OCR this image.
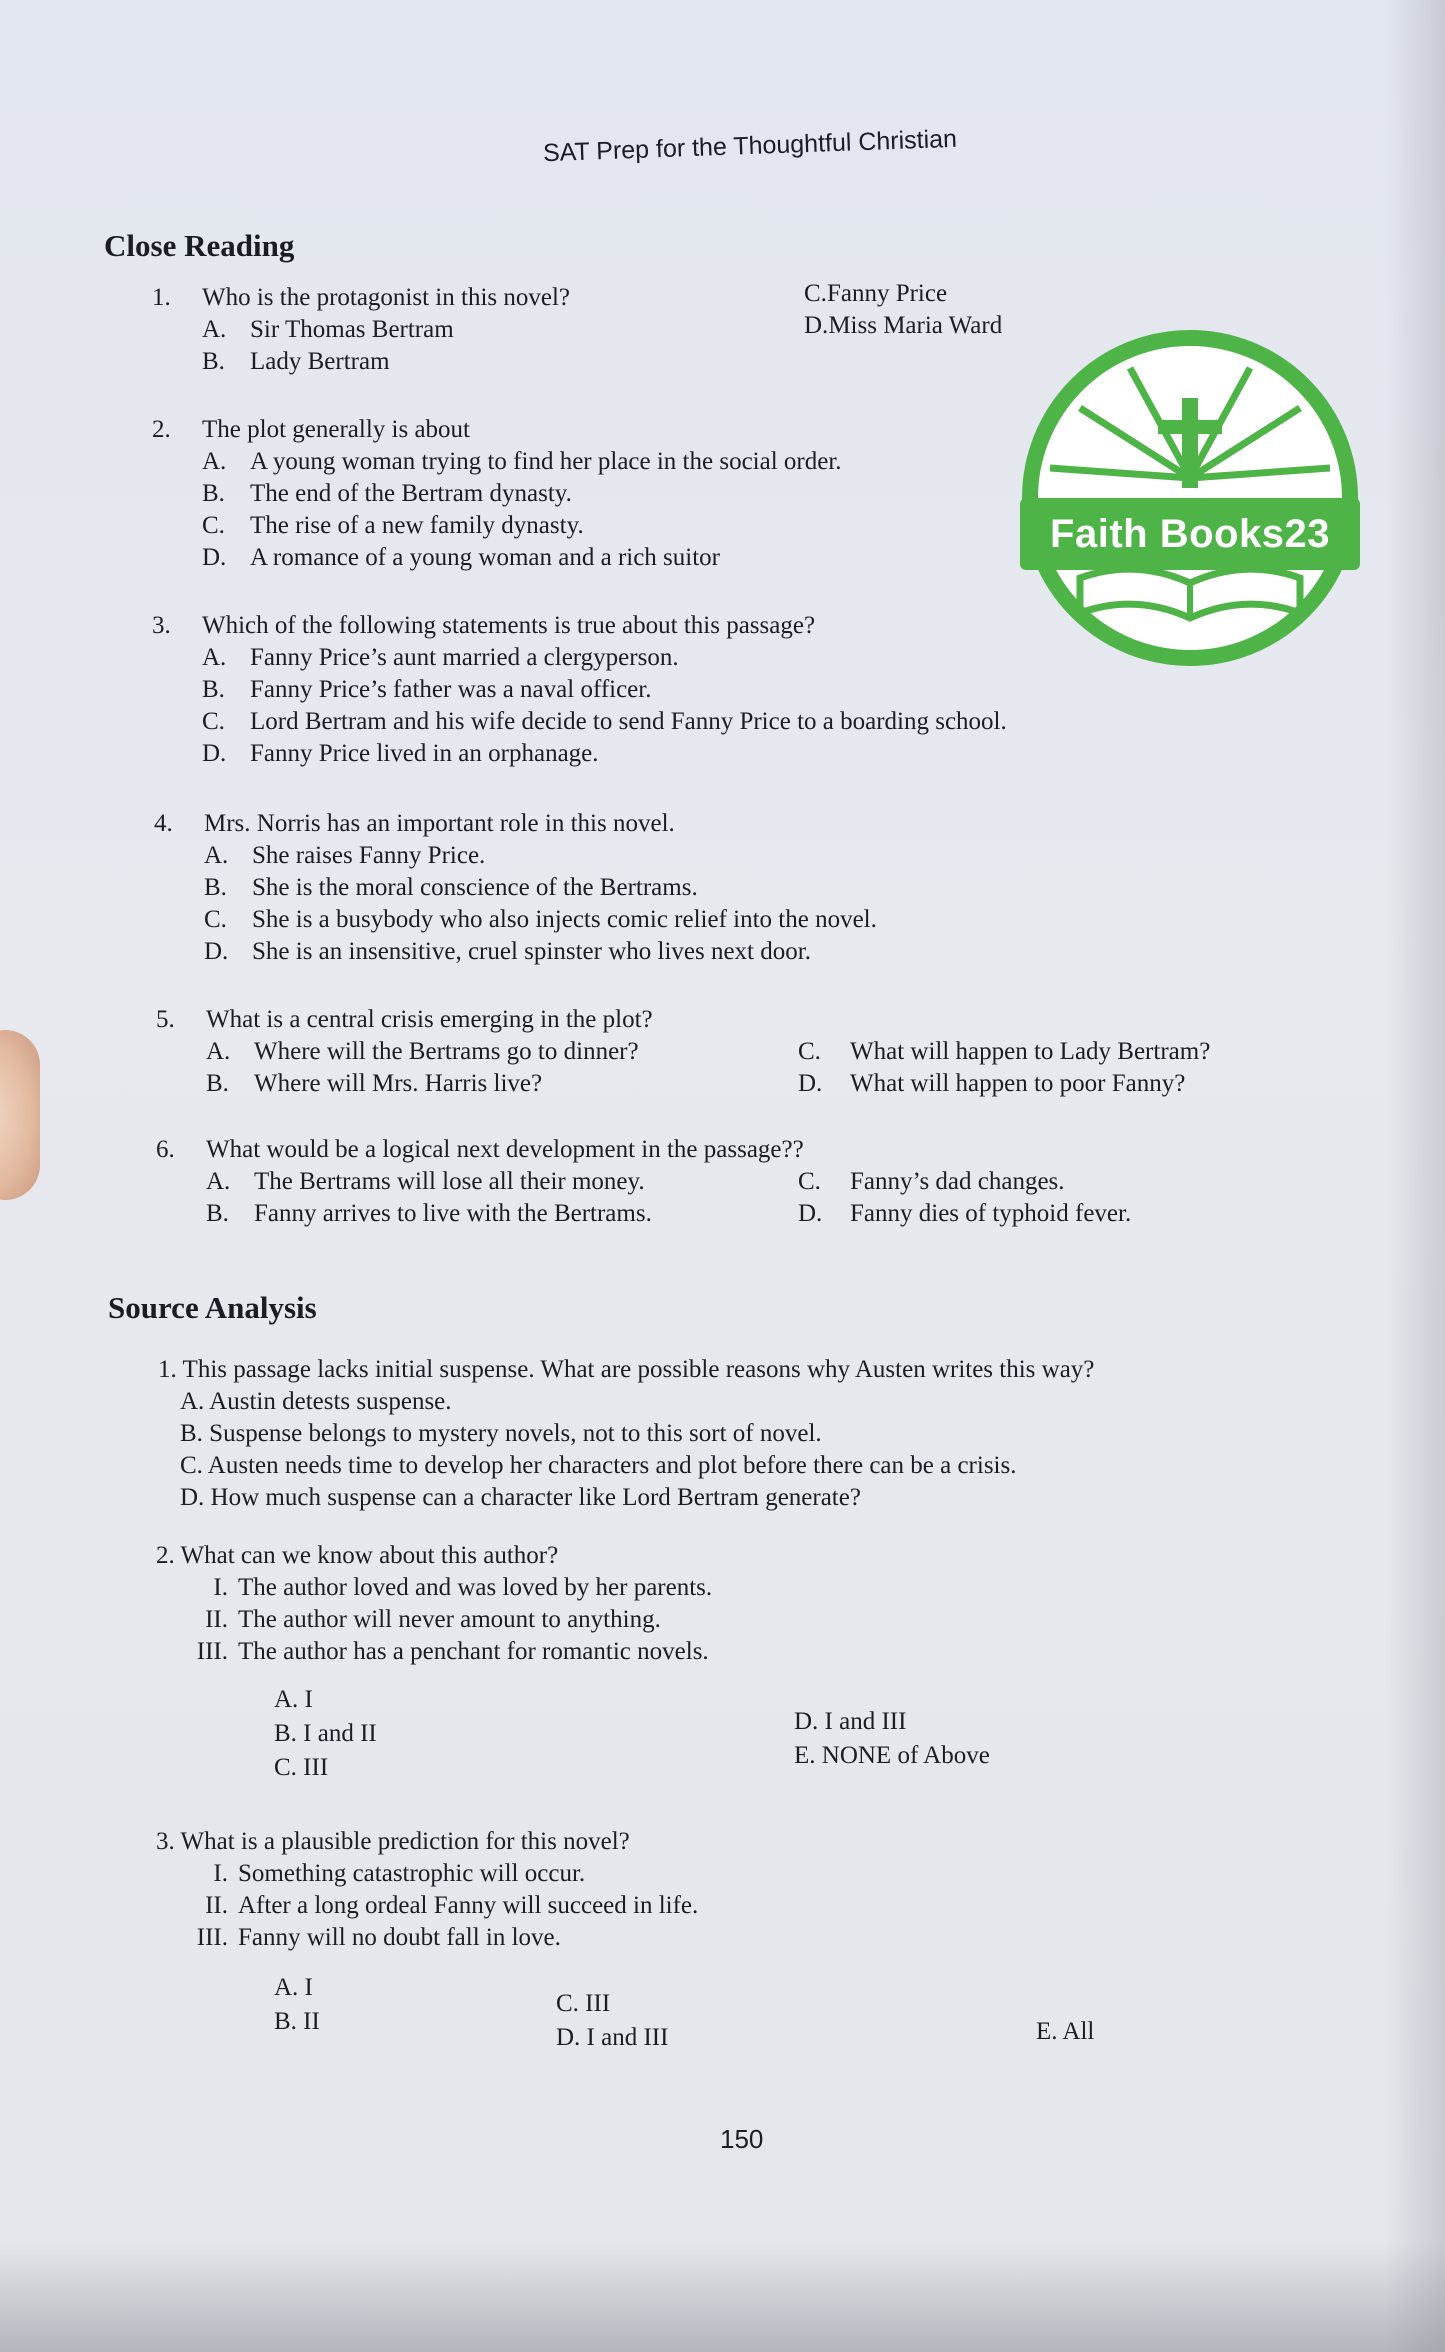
SAT Prep for the Thoughtful Christian
Close Reading
1. Who is the protagonist in this novel?
A. Sir Thomas Bertram
C.Fanny Price
B. Lady Bertram
D.Miss Maria Ward
2. The plot generally is about
A. A young woman trying to find her place in the social order.
B. The end of the Bertram dynasty.
C. The rise of a new family dynasty.
D. A romance of a young woman and a rich suitor
3. Which of the following statements is true about this passage?
A. Fanny Price’s aunt married a clergyperson.
B. Fanny Price’s father was a naval officer.
C. Lord Bertram and his wife decide to send Fanny Price to a boarding school.
D. Fanny Price lived in an orphanage.
4. Mrs. Norris has an important role in this novel.
A. She raises Fanny Price.
B. She is the moral conscience of the Bertrams.
C. She is a busybody who also injects comic relief into the novel.
D. She is an insensitive, cruel spinster who lives next door.
5. What is a central crisis emerging in the plot?
A. Where will the Bertrams go to dinner?	C. What will happen to Lady Bertram?
B. Where will Mrs. Harris live?	D. What will happen to poor Fanny?
6. What would be a logical next development in the passage??
A. The Bertrams will lose all their money.	C. Fanny’s dad changes.
B. Fanny arrives to live with the Bertrams.	D. Fanny dies of typhoid fever.
Source Analysis
1. This passage lacks initial suspense. What are possible reasons why Austen writes this way?
A. Austin detests suspense.
B. Suspense belongs to mystery novels, not to this sort of novel.
C. Austen needs time to develop her characters and plot before there can be a crisis.
D. How much suspense can a character like Lord Bertram generate?
2. What can we know about this author?
I. The author loved and was loved by her parents.
II. The author will never amount to anything.
III. The author has a penchant for romantic novels.
A. I
B. I and II
C. III
D. I and III
E. NONE of Above
3. What is a plausible prediction for this novel?
I. Something catastrophic will occur.
II. After a long ordeal Fanny will succeed in life.
III. Fanny will no doubt fall in love.
A. I
B. II
C. III
D. I and III	E. All
150
Faith Books23
